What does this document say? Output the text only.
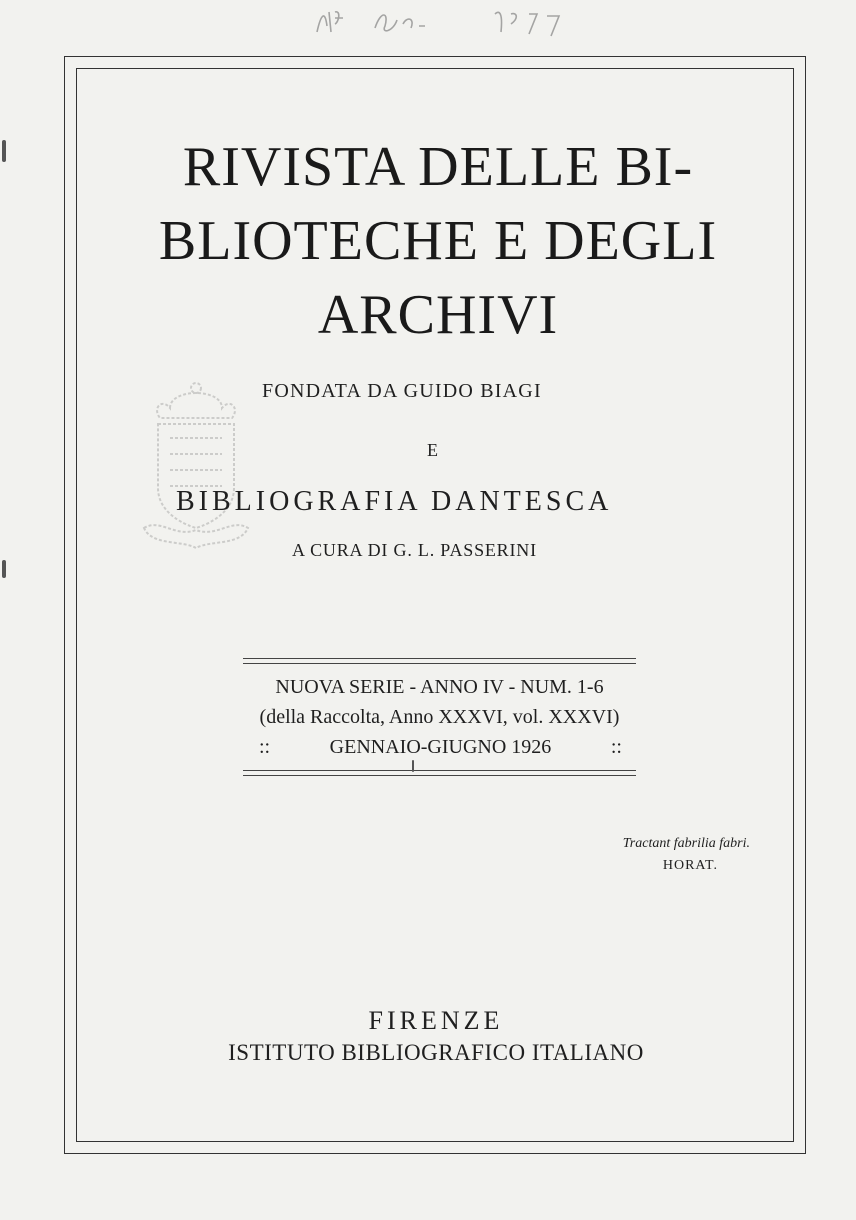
RIVISTA DELLE BI-
BLIOTECHE E DEGLI
ARCHIVI
FONDATA DA GUIDO BIAGI
E
BIBLIOGRAFIA DANTESCA
A CURA DI G. L. PASSERINI
NUOVA SERIE - ANNO IV - NUM. 1-6
(della Raccolta, Anno XXXVI, vol. XXXVI)
::	GENNAIO-GIUGNO 1926	::
Tractant fabrilia fabri.
HORAT.
FIRENZE
ISTITUTO BIBLIOGRAFICO ITALIANO
